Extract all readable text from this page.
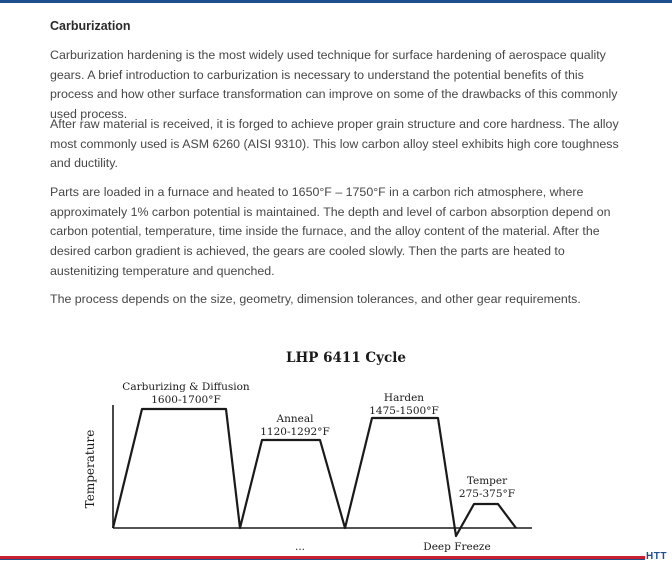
Carburization

Carburization hardening is the most widely used technique for surface hardening of aerospace quality gears. A brief introduction to carburization is necessary to understand the potential benefits of this process and how other surface transformation can improve on some of the drawbacks of this commonly used process.

After raw material is received, it is forged to achieve proper grain structure and core hardness. The alloy most commonly used is ASM 6260 (AISI 9310). This low carbon alloy steel exhibits high core toughness and ductility.

Parts are loaded in a furnace and heated to 1650°F – 1750°F in a carbon rich atmosphere, where approximately 1% carbon potential is maintained. The depth and level of carbon absorption depend on carbon potential, temperature, time inside the furnace, and the alloy content of the material. After the desired carbon gradient is achieved, the gears are cooled slowly. Then the parts are heated to austenitizing temperature and quenched.

The process depends on the size, geometry, dimension tolerances, and other gear requirements.

LHP 6411 Cycle
Temperature
Carburizing & Diffusion
1600-1700°F
Anneal
1120-1292°F
Harden
1475-1500°F
Temper
275-375°F
Deep Freeze
...
HTT
